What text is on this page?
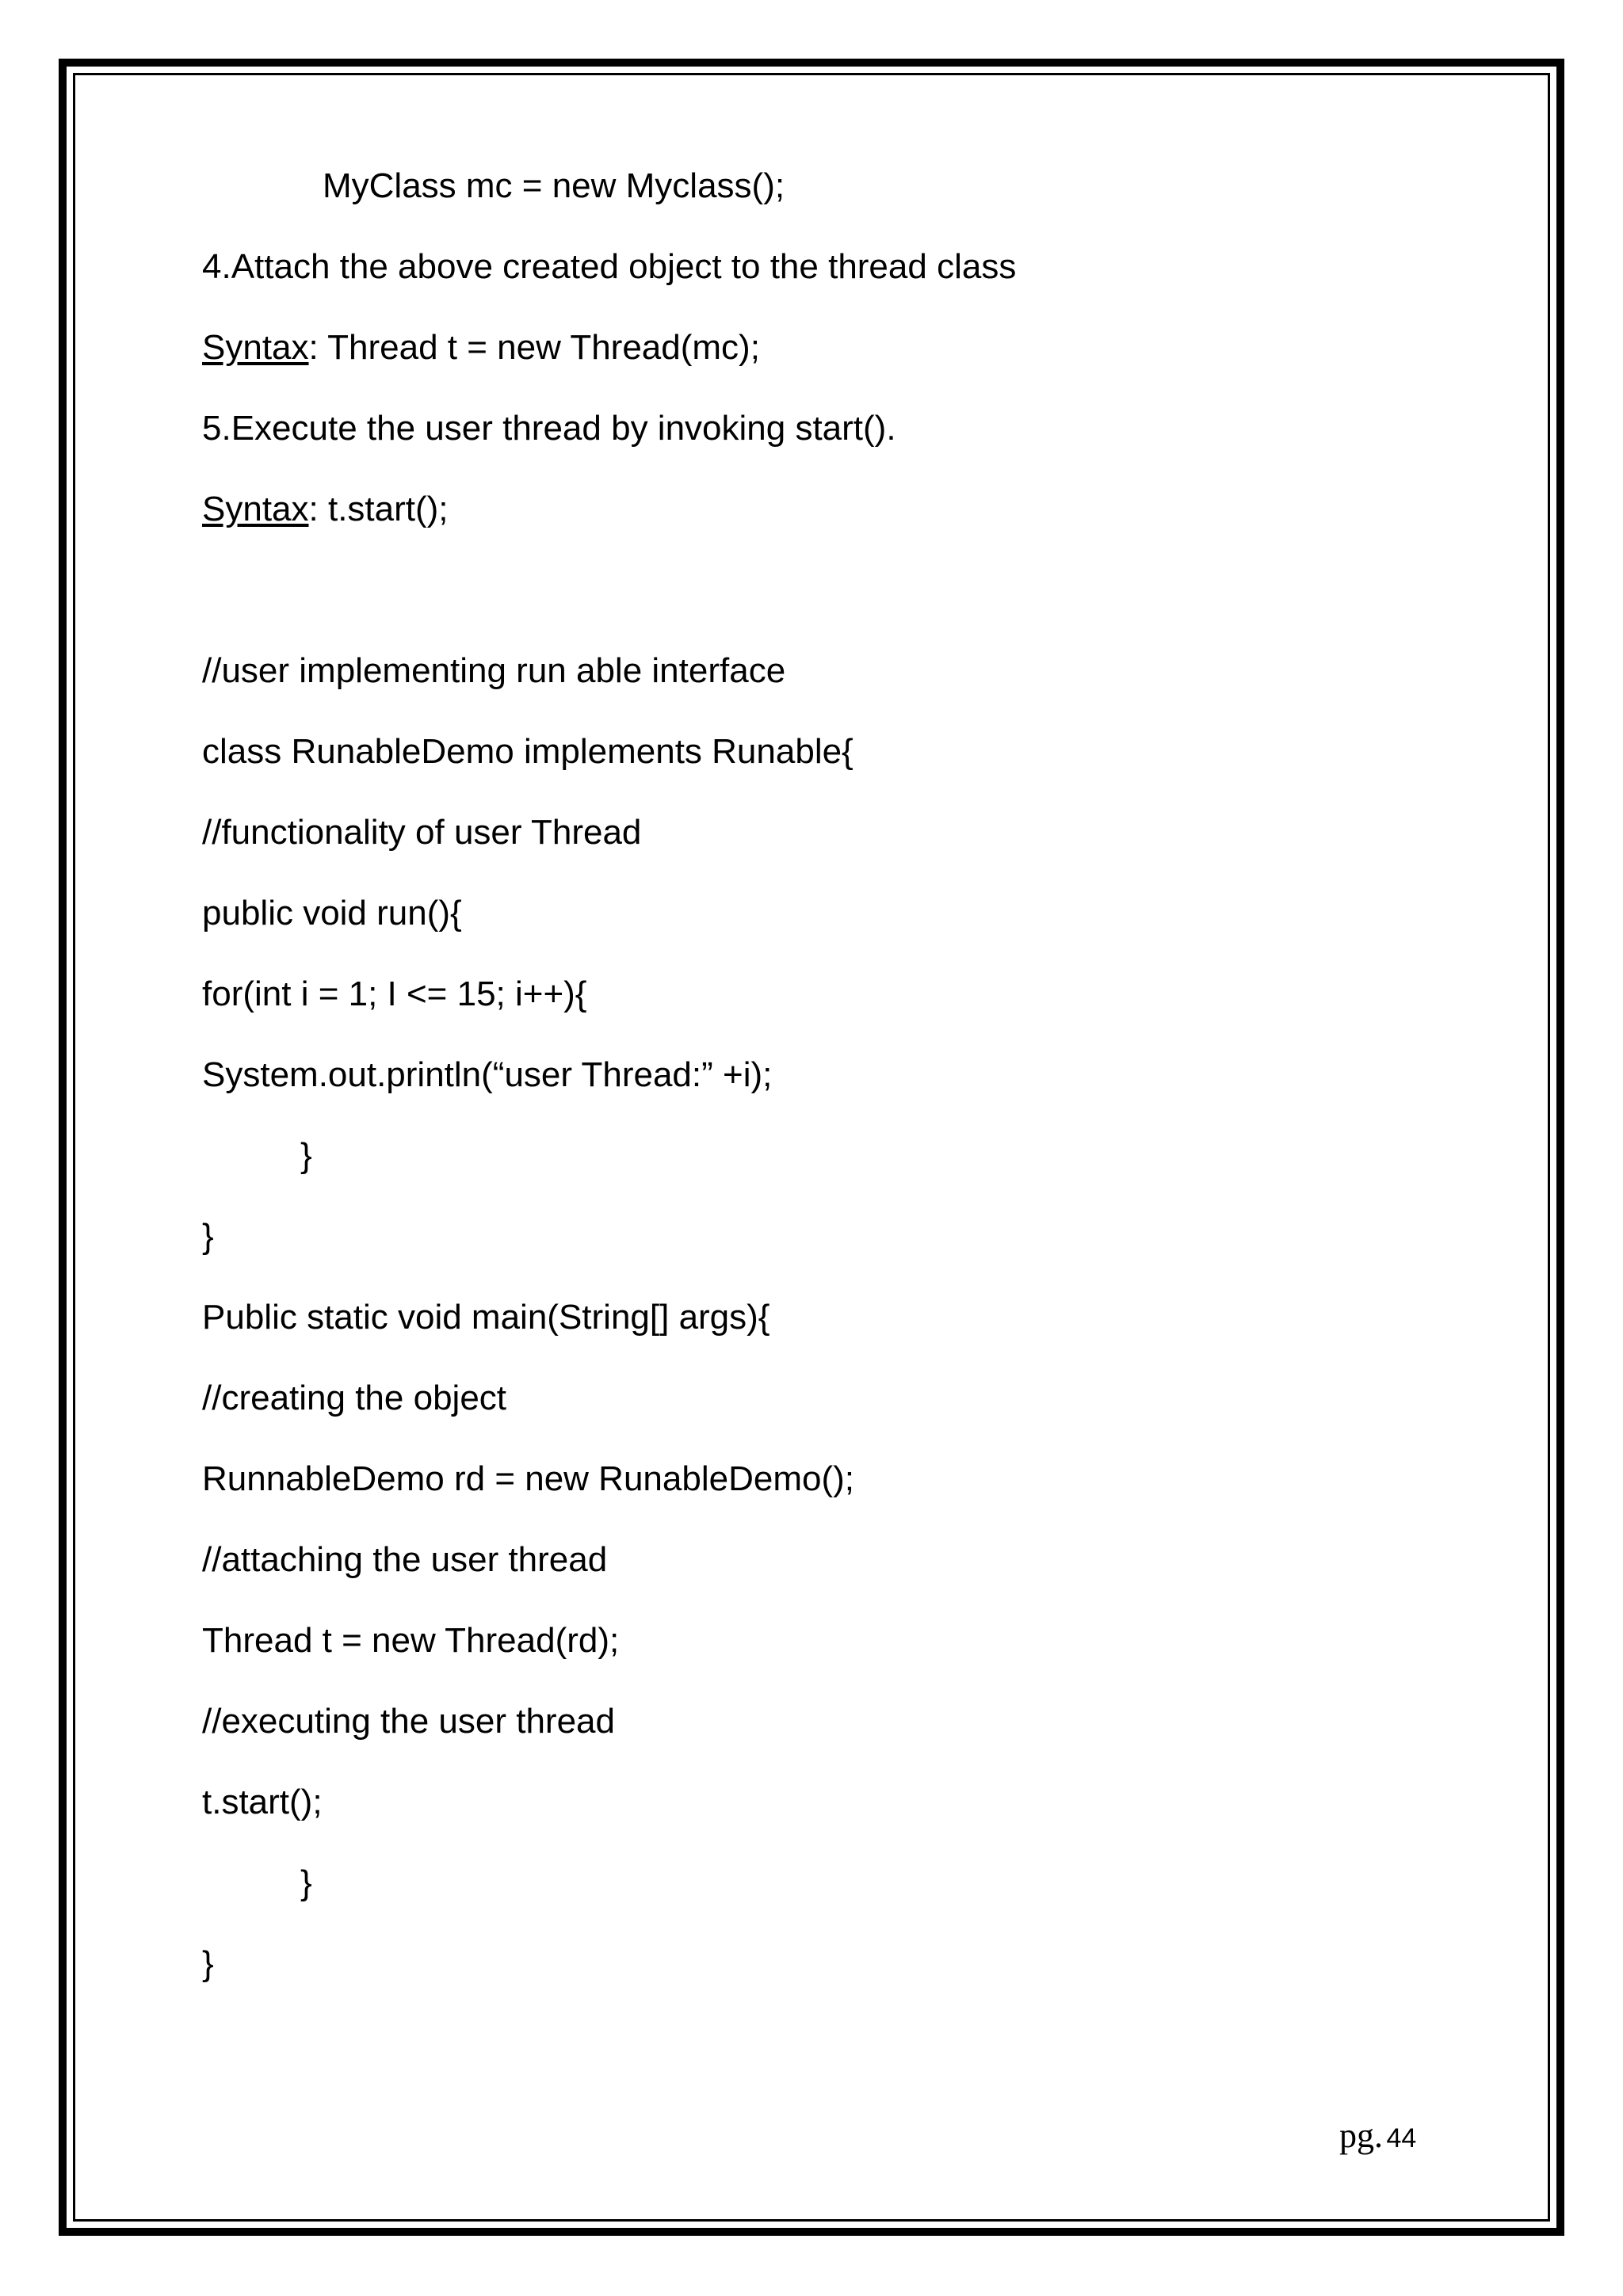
MyClass mc = new Myclass();
4.Attach the above created object to the thread class
Syntax: Thread t = new Thread(mc);
5.Execute the user thread by invoking start().
Syntax: t.start();
//user implementing run able interface
class RunableDemo implements Runable{
//functionality of user Thread
public void run(){
for(int i = 1; I <= 15; i++){
System.out.println(“user Thread:” +i);
}
}
Public static void main(String[] args){
//creating the object
RunnableDemo rd = new RunableDemo();
//attaching the user thread
Thread t = new Thread(rd);
//executing the user thread
t.start();
}
}
pg. 44
